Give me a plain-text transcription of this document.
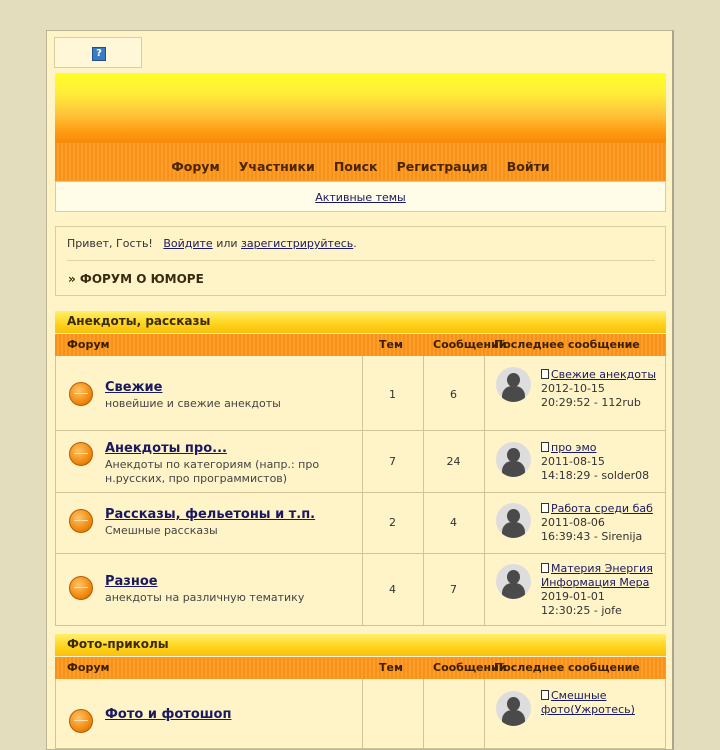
?
Форум Участники Поиск Регистрация Войти
Активные темы
Привет, Гость! Войдите или зарегистрируйтесь.
» ФОРУМ О ЮМОРЕ
Анекдоты, рассказы
Форум	Тем	Сообщений
Последнее сообщение
Свежие
новейшие и свежие анекдоты
1	6
Свежие анекдоты
2012-10-15
20:29:52 - 112rub
Анекдоты про...
Анекдоты по категориям (напр.: про н.русских, про программистов)
7	24
про эмо
2011-08-15
14:18:29 - solder08
Рассказы, фельетоны и т.п.
Смешные рассказы
2	4
Работа среди баб
2011-08-06
16:39:43 - Sirenija
Разное
анекдоты на различную тематику
4	7
Материя Энергия Информация Мера
2019-01-01
12:30:25 - jofe
Фото-приколы
Форум	Тем	Сообщений
Последнее сообщение
Фото и фотошоп
Смешные фото(Ужротесь)
